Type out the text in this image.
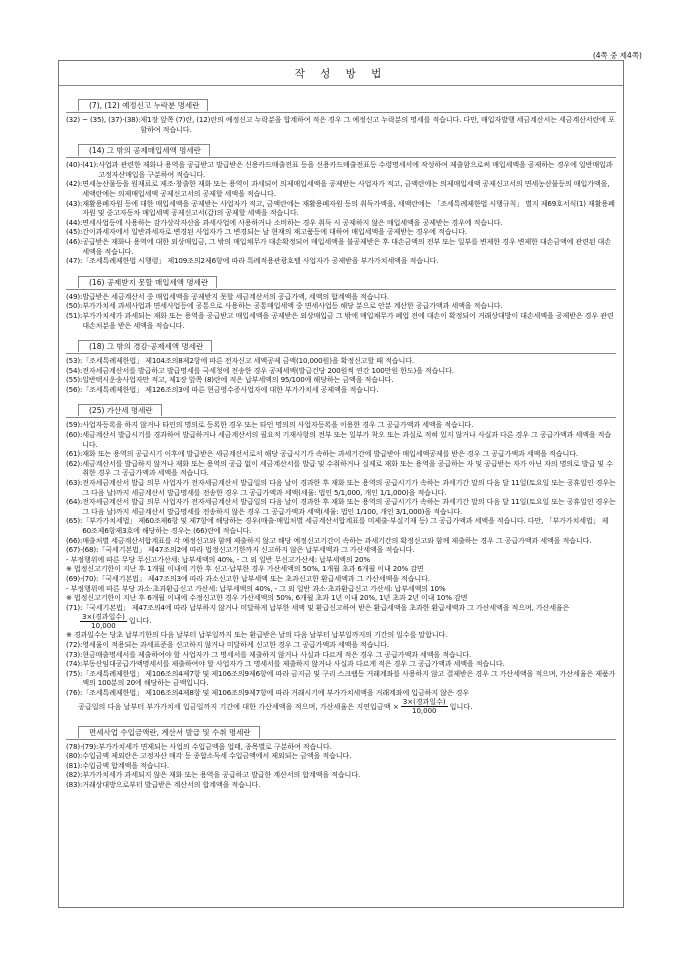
(4쪽 중 제4쪽)
작 성 방 법
(7), (12) 예정신고 누락분 명세란
(32) ~ (35), (37)·(38): 제1장 앞쪽 (7)란, (12)란의 예정신고 누락분을 합계하여 적은 경우 그 예정신고 누락분의 명세를 적습니다. 다만, 매입자발행 세금계산서는 세금계산서란에 포함하여 적습니다.
(14) 그 밖의 공제매입세액 명세란
(40)·(41): 사업과 관련한 재화나 용역을 공급받고 발급받은 신용카드매출전표 등을 신용카드매출전표등 수령명세서에 작성하여 제출함으로써 매입세액을 공제하는 경우에 일반매입과 고정자산매입을 구분하여 적습니다.
(42): 면세농산물등을 원재료로 제조·창출한 재화 또는 용역이 과세되어 의제매입세액을 공제받는 사업자가 적고, 금액란에는 의제매입세액 공제신고서의 면세농산물등의 매입가액을, 세액란에는 의제매입세액 공제신고서의 공제할 세액을 적습니다.
(43): 재활용폐자원 등에 대한 매입세액을 공제받는 사업자가 적고, 금액란에는 재활용폐자원 등의 취득가액을, 세액란에는 「조세특례제한법 시행규칙」 별지 제69호서식(1) 재활용폐자원 및 중고자동차 매입세액 공제신고서(갑)의 공제할 세액을 적습니다.
(44): 면세사업등에 사용하는 감가상각자산을 과세사업에 사용하거나 소비하는 경우 취득 시 공제하지 않은 매입세액을 공제받는 경우에 적습니다.
(45): 간이과세자에서 일반과세자로 변경된 사업자가 그 변경되는 날 현재의 재고품등에 대하여 매입세액을 공제받는 경우에 적습니다.
(46): 공급받은 재화나 용역에 대한 외상매입금, 그 밖의 매입채무가 대손확정되어 매입세액을 불공제받은 후 대손금액의 전부 또는 일부를 변제한 경우 변제한 대손금액에 관련된 대손세액을 적습니다.
(47): 「조세특례제한법 시행령」 제109조의2제6항에 따라 특례적용관광호텔 사업자가 공제받을 부가가치세액을 적습니다.
(16) 공제받지 못할 매입세액 명세란
(49): 발급받은 세금계산서 중 매입세액을 공제받지 못할 세금계산서의 공급가액, 세액의 합계액을 적습니다.
(50): 부가가치세 과세사업과 면세사업등에 공통으로 사용하는 공통매입세액 중 면세사업등 해당 분으로 안분 계산한 공급가액과 세액을 적습니다.
(51): 부가가치세가 과세되는 재화 또는 용역을 공급받고 매입세액을 공제받은 외상매입금 그 밖에 매입채무가 폐업 전에 대손이 확정되어 거래상대방이 대손세액을 공제받은 경우 관련 대손처분을 받은 세액을 적습니다.
(18) 그 밖의 경감·공제세액 명세란
(53): 「조세특례제한법」 제104조의8제2항에 따른 전자신고 세액공제 금액(10,000원)을 확정신고할 때 적습니다.
(54): 전자세금계산서를 발급하고 발급명세를 국세청에 전송한 경우 공제세액(발급건당 200원씩 연간 100만원 한도)을 적습니다.
(55): 일반택시운송사업자만 적고, 제1장 앞쪽 (8)란에 적은 납부세액의 95/100에 해당하는 금액을 적습니다.
(56): 「조세특례제한법」 제126조의3에 따른 현금영수증사업자에 대한 부가가치세 공제액을 적습니다.
(25) 가산세 명세란
(59): 사업자등록을 하지 않거나 타인의 명의로 등록한 경우 또는 타인 명의의 사업자등록을 이용한 경우 그 공급가액과 세액을 적습니다.
(60): 세금계산서 발급시기를 경과하여 발급하거나 세금계산서의 필요적 기재사항의 전부 또는 일부가 착오 또는 과실로 적혀 있지 않거나 사실과 다른 경우 그 공급가액과 세액을 적습니다.
(61): 재화 또는 용역의 공급시기 이후에 발급받은 세금계산서로서 해당 공급시기가 속하는 과세기간에 발급받아 매입세액공제를 받은 경우 그 공급가액과 세액을 적습니다.
(62): 세금계산서를 발급하지 않거나 재화 또는 용역의 공급 없이 세금계산서를 발급 및 수취하거나 실제로 재화 또는 용역을 공급하는 자 및 공급받는 자가 아닌 자의 명의로 발급 및 수취한 경우 그 공급가액과 세액을 적습니다.
(63): 전자세금계산서 발급 의무 사업자가 전자세금계산서 발급일의 다음 날이 경과한 후 재화 또는 용역의 공급시기가 속하는 과세기간 말의 다음 달 11일(토요일 또는 공휴일인 경우는 그 다음 날)까지 세금계산서 발급명세를 전송한 경우 그 공급가액과 세액(세율: 법인 5/1,000, 개인 1/1,000)을 적습니다.
(64): 전자세금계산서 발급 의무 사업자가 전자세금계산서 발급일의 다음 날이 경과한 후 재화 또는 용역의 공급시기가 속하는 과세기간 말의 다음 달 11일(토요일 또는 공휴일인 경우는 그 다음 날)까지 세금계산서 발급명세를 전송하지 않은 경우 그 공급가액과 세액(세율: 법인 1/100, 개인 3/1,000)을 적습니다.
(65): 「부가가치세법」 제60조제6항 및 제7항에 해당하는 경우(매출·매입처별 세금계산서합계표를 미제출·부실기재 등) 그 공급가액과 세액을 적습니다. 다만, 「부가가치세법」 제60조제6항제3호에 해당하는 경우는 (66)란에 적습니다.
(66): 매출처별 세금계산서합계표를 각 예정신고와 함께 제출하지 않고 해당 예정신고기간이 속하는 과세기간의 확정신고와 함께 제출하는 경우 그 공급가액과 세액을 적습니다.
(67)·(68): 「국세기본법」 제47조의2에 따라 법정신고기한까지 신고하지 않은 납부세액과 그 가산세액을 적습니다.
- 부정행위에 따른 무당 무신고가산세: 납부세액의 40%, - 그 외 일반 무신고가산세: 납부세액의 20%
※ 법정신고기한이 지난 후 1개월 이내에 기한 후 신고·납부한 경우 가산세액의 50%, 1개월 초과 6개월 이내 20% 감면
(69)·(70): 「국세기본법」 제47조의3에 따라 과소신고한 납부세액 또는 초과신고한 환급세액과 그 가산세액을 적습니다.
- 부정행위에 따른 부당 과소·초과환급신고 가산세: 납부세액의 40%, - 그 외 일반 과소·초과환급신고 가산세: 납부세액의 10%
※ 법정신고기한이 지난 후 6개월 이내에 수정신고한 경우 가산세액의 50%, 6개월 초과 1년 이내 20%, 1년 초과 2년 이내 10% 감면
(71): 「국세기본법」 제47조의4에 따라 납부하지 않거나 미달하게 납부한 세액 및 환급신고하여 받은 환급세액을 초과한 환급세액과 그 가산세액을 적으며, 가산세율은
$\frac{\text{3×(경과일수)}}{10,000}$ 입니다.
※ 경과일수는 당초 납부기한의 다음 날부터 납부일까지 또는 환급받은 날의 다음 날부터 납부일까지의 기간의 일수를 말합니다.
(72): 영세율이 적용되는 과세표준을 신고하지 않거나 미달하게 신고한 경우 그 공급가액과 세액을 적습니다.
(73): 현금매출명세서를 제출하여야 할 사업자가 그 명세서를 제출하지 않거나 사실과 다르게 적은 경우 그 공급가액과 세액을 적습니다.
(74): 부동산임대공급가액명세서를 제출하여야 할 사업자가 그 명세서를 제출하지 않거나 사실과 다르게 적은 경우 그 공급가액과 세액을 적습니다.
(75): 「조세특례제한법」 제106조의4제7항 및 제106조의9제6항에 따라 금지금 및 구리 스크랩등 거래계좌를 사용하지 않고 결제받은 경우 그 가산세액을 적으며, 가산세율은 제품가액의 100분의 20에 해당하는 금액입니다.
(76): 「조세특례제한법」 제106조의4제8항 및 제106조의9제7항에 따라 거래시기에 부가가치세액을 거래계좌에 입금하지 않은 경우
공급일의 다음 날부터 부가가치세 입금일까지 기간에 대한 가산세액을 적으며, 가산세율은 지연입금액 × $\frac{\text{3×(경과일수)}}{10,000}$ 입니다.
면세사업 수입금액란, 계산서 발급 및 수취 명세란
(78)·(79): 부가가치세가 면제되는 사업의 수입금액을 업태, 종목별로 구분하여 적습니다.
(80): 수입금액 제외란은 고정자산 매각 등 종합소득세 수입금액에서 제외되는 금액을 적습니다.
(81): 수입금액 합계액을 적습니다.
(82): 부가가치세가 과세되지 않은 재화 또는 용역을 공급하고 발급한 계산서의 합계액을 적습니다.
(83): 거래상대방으로부터 발급받은 계산서의 합계액을 적습니다.
